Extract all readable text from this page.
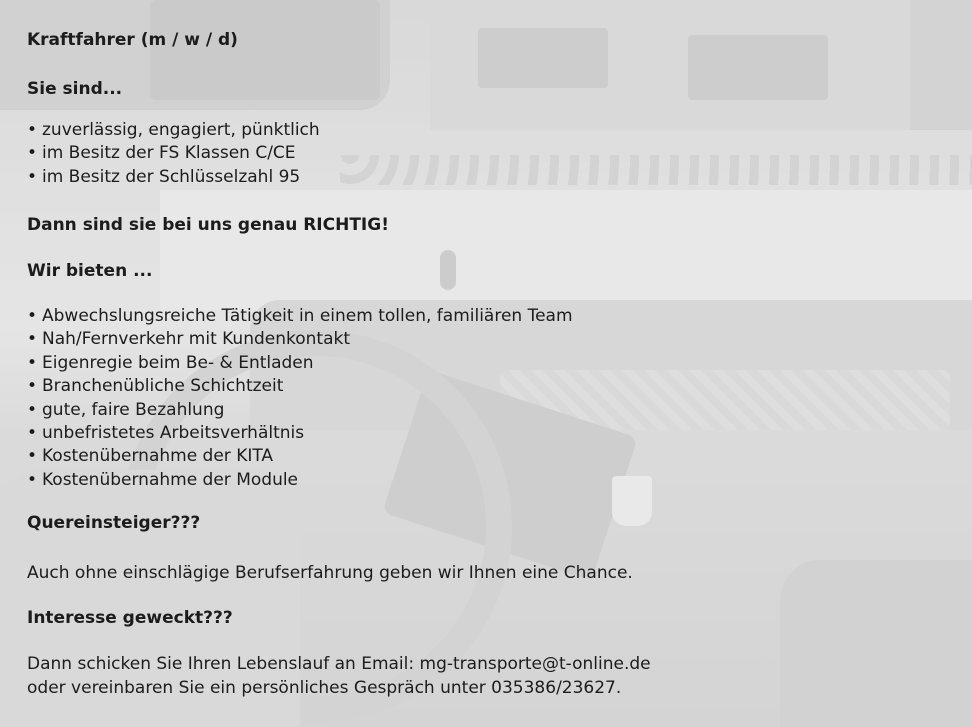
Kraftfahrer (m / w / d)

Sie sind...

• zuverlässig, engagiert, pünktlich
• im Besitz der FS Klassen C/CE
• im Besitz der Schlüsselzahl 95

Dann sind sie bei uns genau RICHTIG!

Wir bieten ...

• Abwechslungsreiche Tätigkeit in einem tollen, familiären Team
• Nah/Fernverkehr mit Kundenkontakt
• Eigenregie beim Be- & Entladen
• Branchenübliche Schichtzeit
• gute, faire Bezahlung
• unbefristetes Arbeitsverhältnis
• Kostenübernahme der KITA
• Kostenübernahme der Module

Quereinsteiger???

Auch ohne einschlägige Berufserfahrung geben wir Ihnen eine Chance.

Interesse geweckt???

Dann schicken Sie Ihren Lebenslauf an Email: mg-transporte@t-online.de

oder vereinbaren Sie ein persönliches Gespräch unter 035386/23627.
